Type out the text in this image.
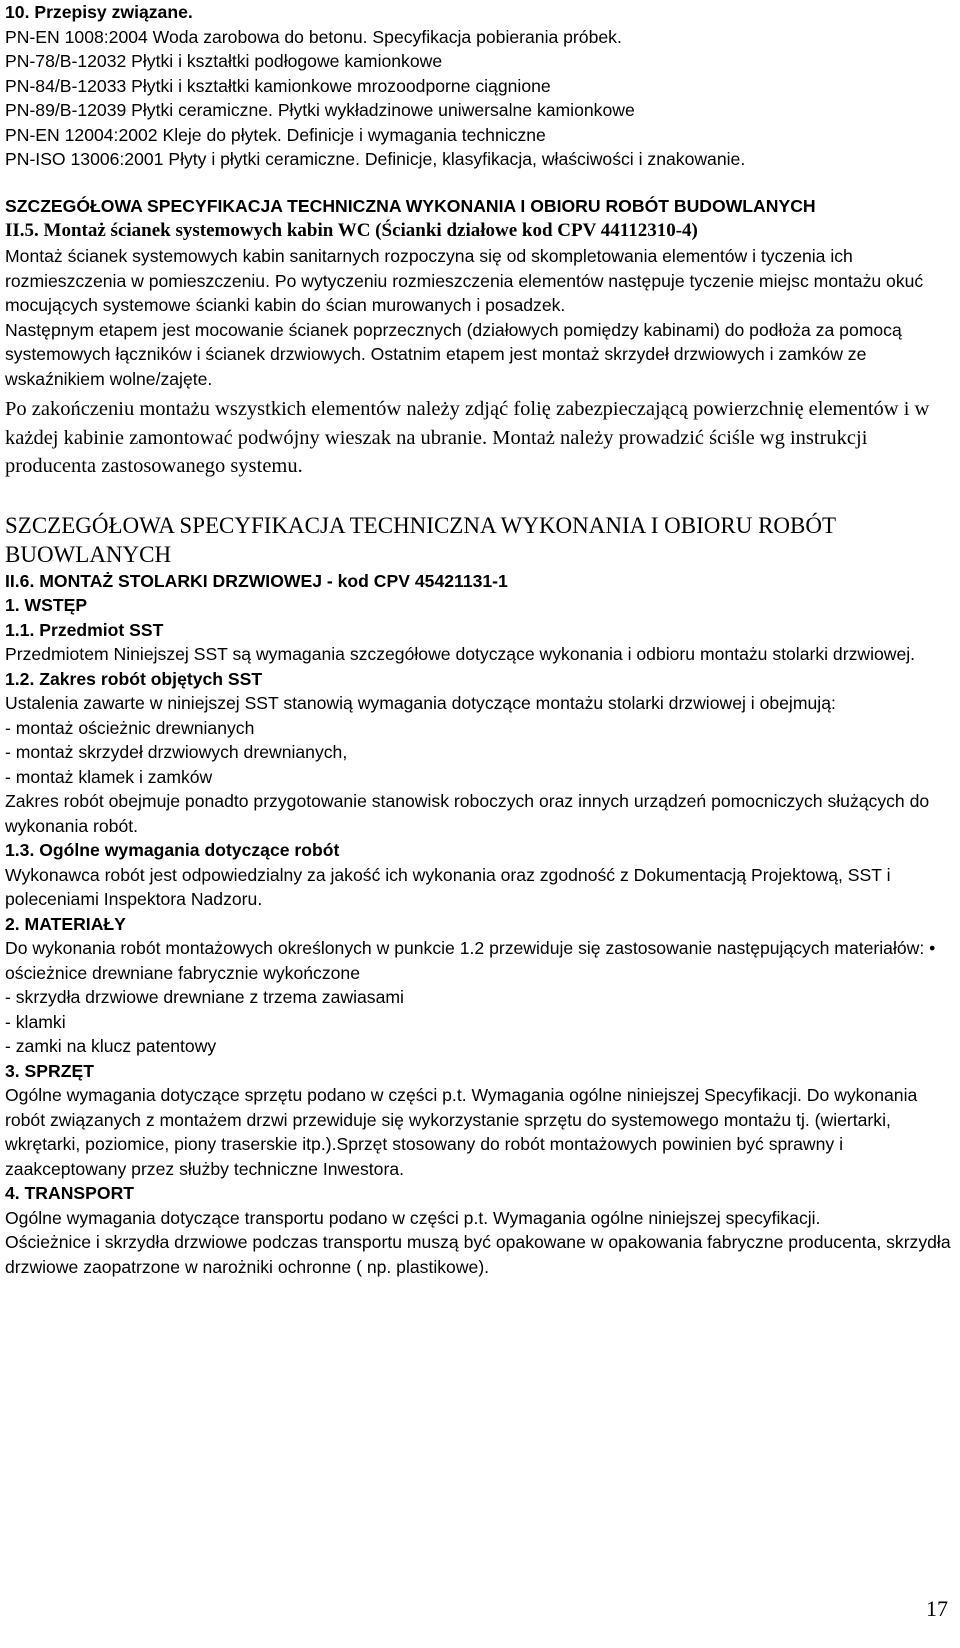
10. Przepisy związane.

PN-EN 1008:2004 Woda zarobowa do betonu. Specyfikacja pobierania próbek.

PN-78/B-12032 Płytki i kształtki podłogowe kamionkowe

PN-84/B-12033 Płytki i kształtki kamionkowe mrozoodporne ciągnione

PN-89/B-12039 Płytki ceramiczne. Płytki wykładzinowe uniwersalne kamionkowe

PN-EN 12004:2002 Kleje do płytek. Definicje i wymagania techniczne

PN-ISO 13006:2001 Płyty i płytki ceramiczne. Definicje, klasyfikacja, właściwości i znakowanie.

SZCZEGÓŁOWA SPECYFIKACJA TECHNICZNA WYKONANIA I OBIORU ROBÓT BUDOWLANYCH

II.5. Montaż ścianek systemowych kabin WC (Ścianki działowe kod CPV 44112310-4)

Montaż ścianek systemowych kabin sanitarnych rozpoczyna się od skompletowania elementów i tyczenia ich rozmieszczenia w pomieszczeniu. Po wytyczeniu rozmieszczenia elementów następuje tyczenie miejsc montażu okuć mocujących systemowe ścianki kabin do ścian murowanych i posadzek.

Następnym etapem jest mocowanie ścianek poprzecznych (działowych pomiędzy kabinami) do podłoża za pomocą systemowych łączników i ścianek drzwiowych. Ostatnim etapem jest montaż skrzydeł drzwiowych i zamków ze wskaźnikiem wolne/zajęte.

Po zakończeniu montażu wszystkich elementów należy zdjąć folię zabezpieczającą powierzchnię elementów i w każdej kabinie zamontować podwójny wieszak na ubranie. Montaż należy prowadzić ściśle wg instrukcji producenta zastosowanego systemu.

SZCZEGÓŁOWA SPECYFIKACJA TECHNICZNA WYKONANIA I OBIORU ROBÓT BUOWLANYCH

II.6. MONTAŻ STOLARKI DRZWIOWEJ - kod CPV 45421131-1

1. WSTĘP

1.1. Przedmiot SST

Przedmiotem Niniejszej SST są wymagania szczegółowe dotyczące wykonania i odbioru montażu stolarki drzwiowej.

1.2. Zakres robót objętych SST

Ustalenia zawarte w niniejszej SST stanowią wymagania dotyczące montażu stolarki drzwiowej i obejmują:

- montaż ościeżnic drewnianych

- montaż skrzydeł drzwiowych drewnianych,

- montaż klamek i zamków

Zakres robót obejmuje ponadto przygotowanie stanowisk roboczych oraz innych urządzeń pomocniczych służących do wykonania robót.

1.3. Ogólne wymagania dotyczące robót

Wykonawca robót jest odpowiedzialny za jakość ich wykonania oraz zgodność z Dokumentacją Projektową, SST i poleceniami Inspektora Nadzoru.

2. MATERIAŁY

Do wykonania robót montażowych określonych w punkcie 1.2 przewiduje się zastosowanie następujących materiałów: • ościeżnice drewniane fabrycznie wykończone

- skrzydła drzwiowe drewniane z trzema zawiasami

- klamki

- zamki na klucz patentowy

3. SPRZĘT

Ogólne wymagania dotyczące sprzętu podano w części p.t. Wymagania ogólne niniejszej Specyfikacji. Do wykonania robót związanych z montażem drzwi przewiduje się wykorzystanie sprzętu do systemowego montażu tj. (wiertarki, wkrętarki, poziomice, piony traserskie itp.).Sprzęt stosowany do robót montażowych powinien być sprawny i zaakceptowany przez służby techniczne Inwestora.

4. TRANSPORT

Ogólne wymagania dotyczące transportu podano w części p.t. Wymagania ogólne niniejszej specyfikacji.

Ościeżnice i skrzydła drzwiowe podczas transportu muszą być opakowane w opakowania fabryczne producenta, skrzydła

drzwiowe zaopatrzone w narożniki ochronne ( np. plastikowe).

17
